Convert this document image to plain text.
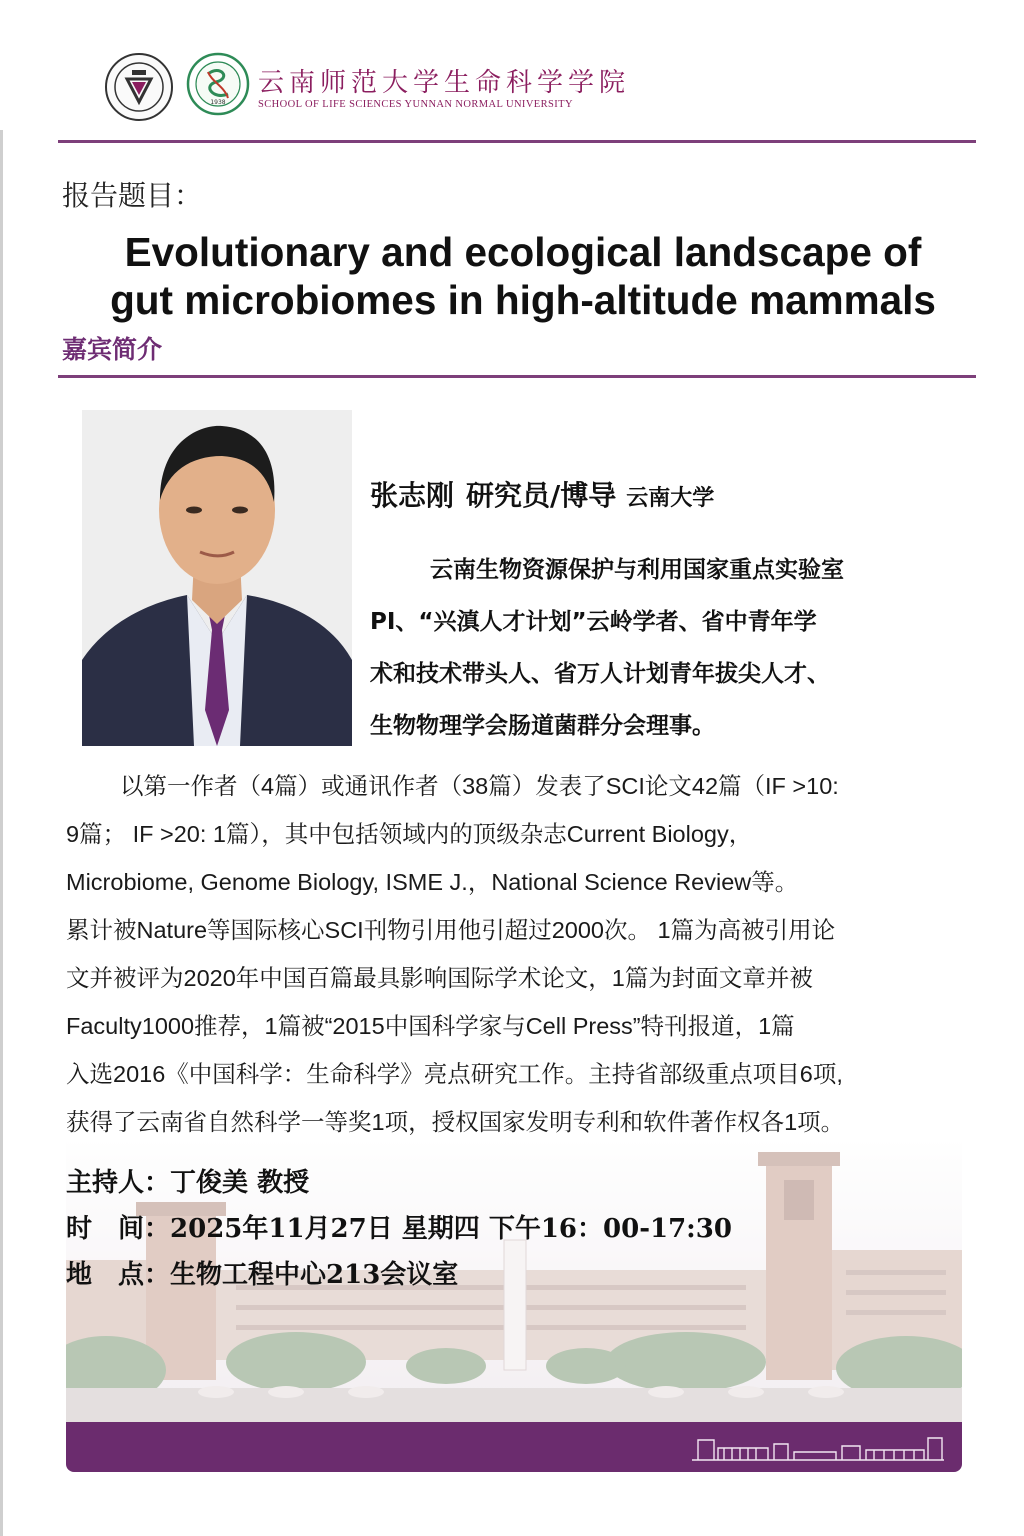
1938
云南师范大学生命科学学院
SCHOOL OF LIFE SCIENCES YUNNAN NORMAL UNIVERSITY
报告题目：
Evolutionary and ecological landscape of
gut microbiomes in high-altitude mammals
嘉宾简介
张志刚 研究员/博导 云南大学
云南生物资源保护与利用国家重点实验室
PI、“兴滇人才计划”云岭学者、省中青年学
术和技术带头人、省万人计划青年拔尖人才、
生物物理学会肠道菌群分会理事。
以第一作者（4篇）或通讯作者（38篇）发表了SCI论文42篇（IF >10:
9篇； IF >20: 1篇），其中包括领域内的顶级杂志Current Biology，
Microbiome, Genome Biology, ISME J.，National Science Review等。
累计被Nature等国际核心SCI刊物引用他引超过2000次。 1篇为高被引用论
文并被评为2020年中国百篇最具影响国际学术论文，1篇为封面文章并被
Faculty1000推荐，1篇被“2015中国科学家与Cell Press”特刊报道，1篇
入选2016《中国科学：生命科学》亮点研究工作。主持省部级重点项目6项,
获得了云南省自然科学一等奖1项，授权国家发明专利和软件著作权各1项。
主持人：丁俊美 教授
时　间：2025年11月27日 星期四 下午16：00-17:30
地　点：生物工程中心213会议室
